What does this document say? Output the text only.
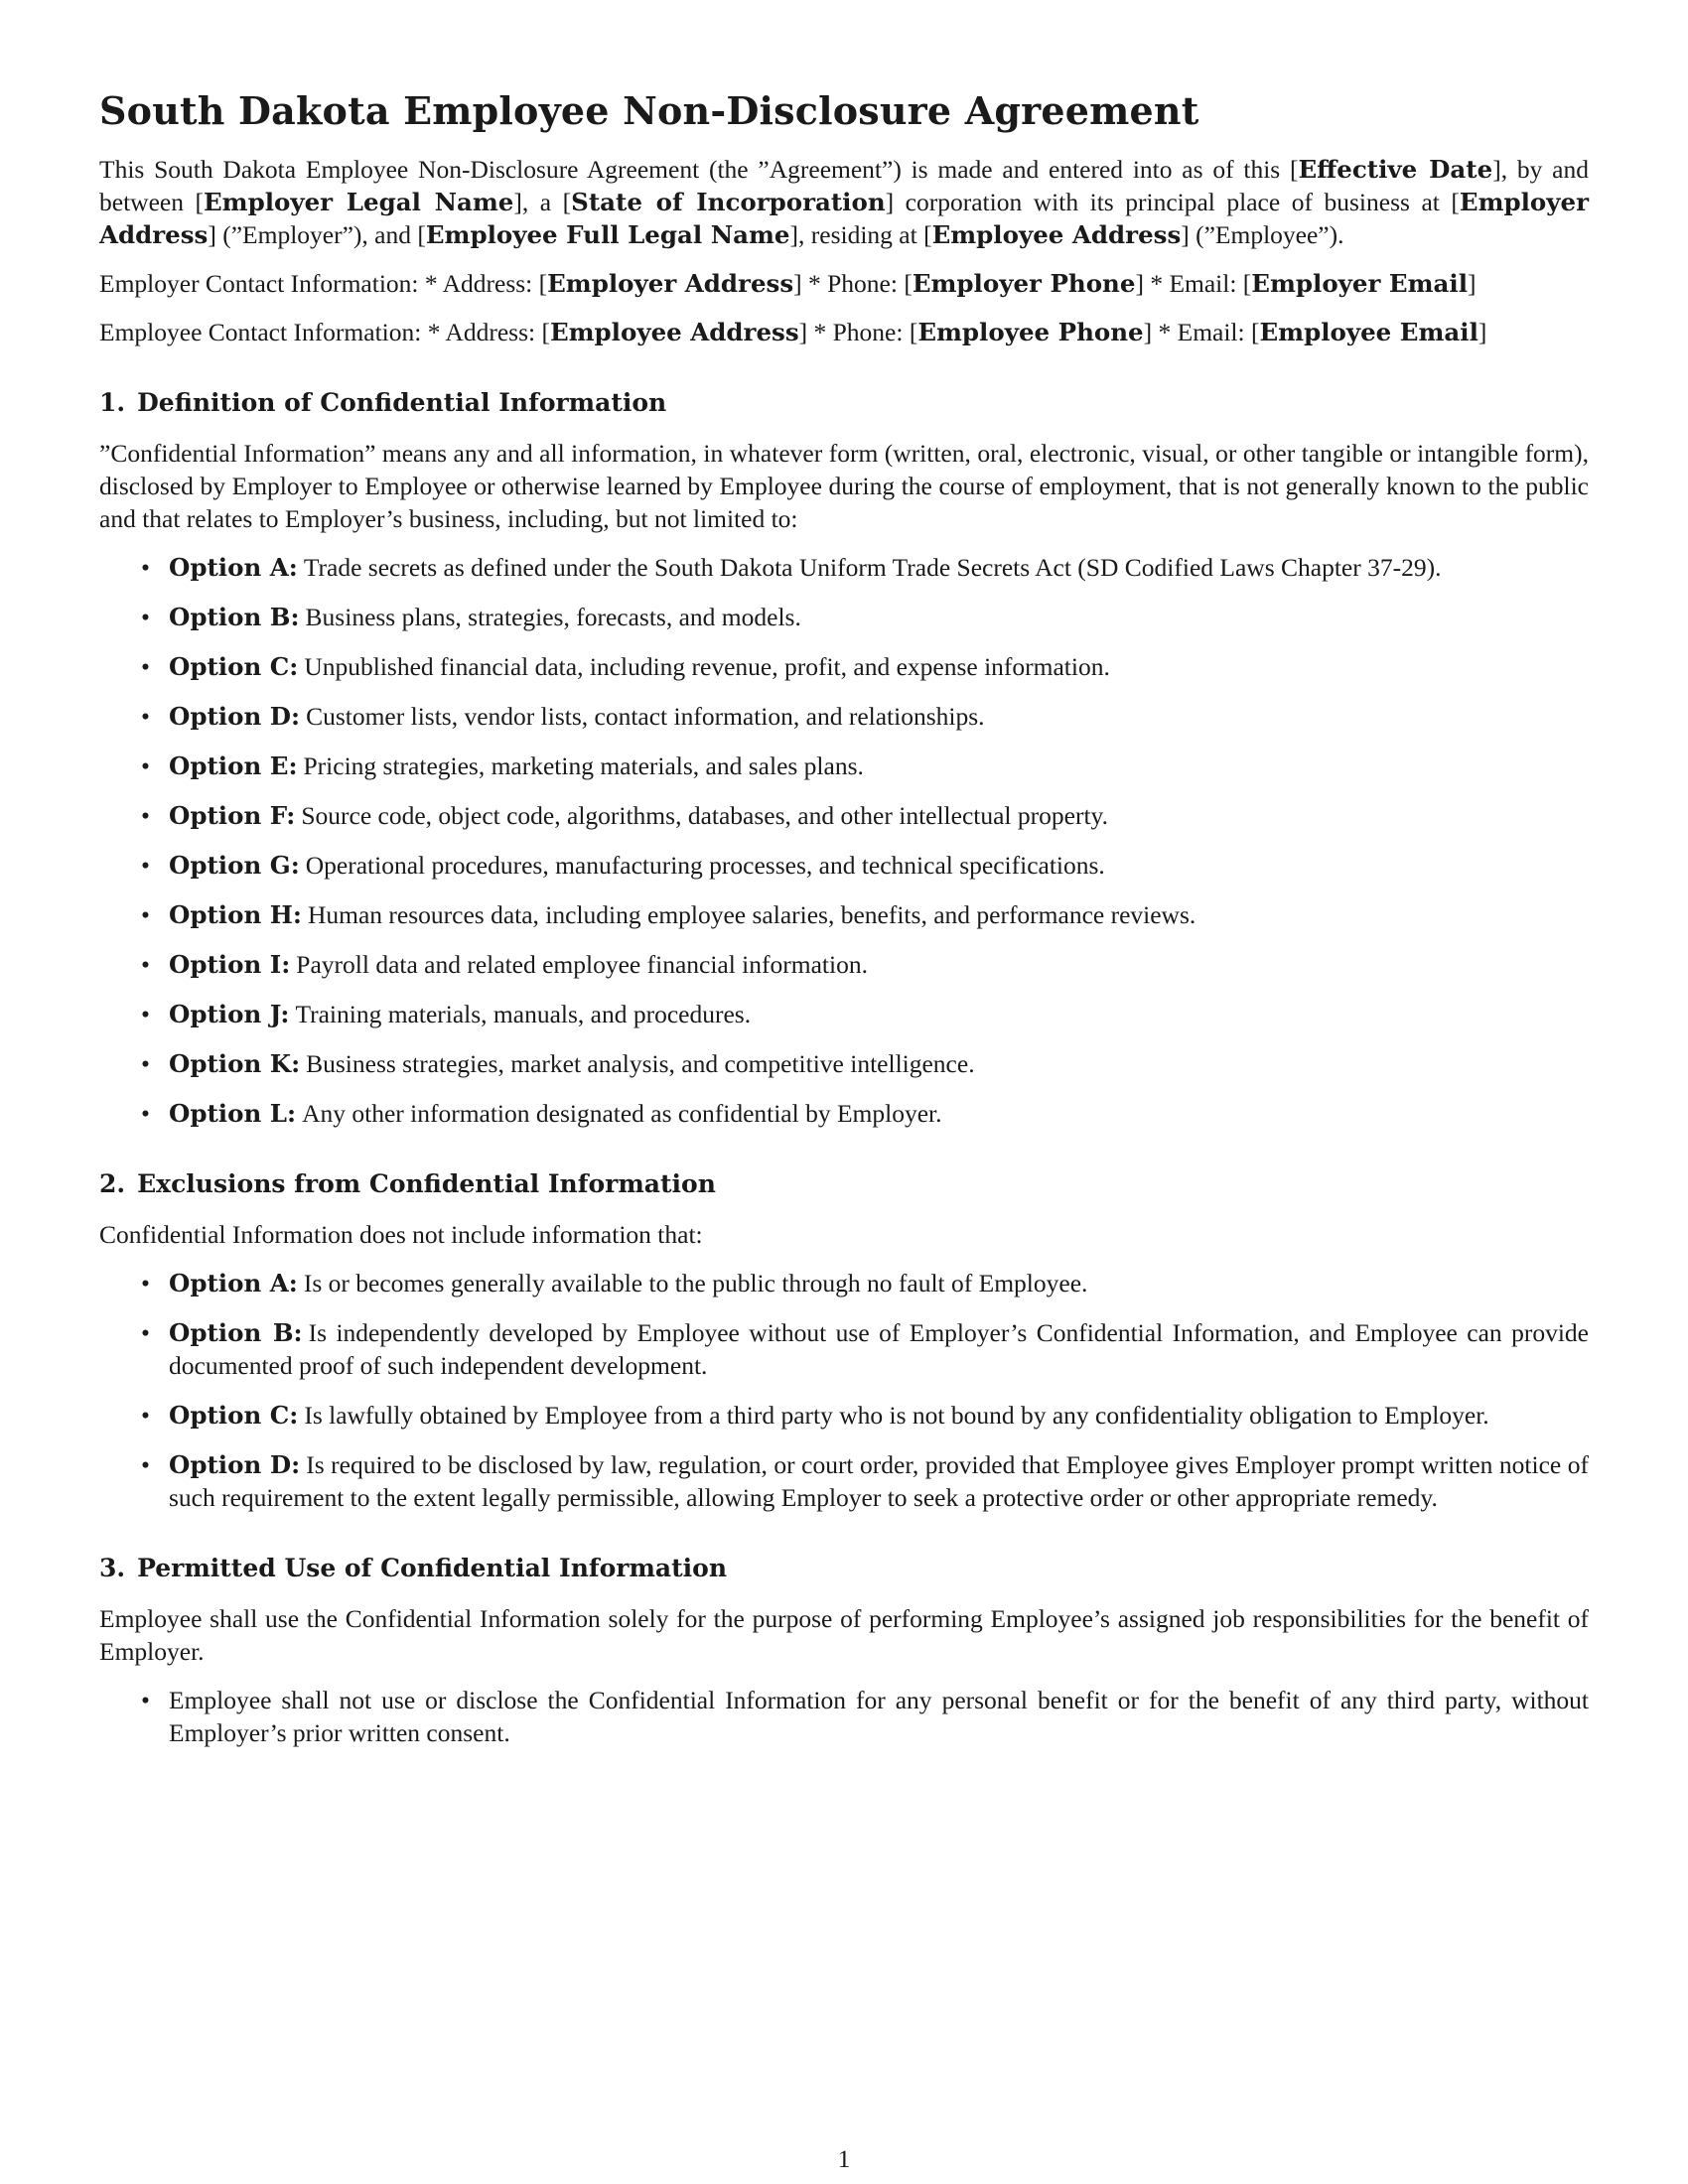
South Dakota Employee Non-Disclosure Agreement

This South Dakota Employee Non-Disclosure Agreement (the ”Agreement”) is made and entered into as of this [Effective Date], by and between [Employer Legal Name], a [State of Incorporation] corporation with its principal place of business at [Employer Address] (”Employer”), and [Employee Full Legal Name], residing at [Employee Address] (”Employee”).

Employer Contact Information: * Address: [Employer Address] * Phone: [Employer Phone] * Email: [Employer Email]

Employee Contact Information: * Address: [Employee Address] * Phone: [Employee Phone] * Email: [Employee Email]

1. Definition of Confidential Information

”Confidential Information” means any and all information, in whatever form (written, oral, electronic, visual, or other tangible or intangible form), disclosed by Employer to Employee or otherwise learned by Employee during the course of employment, that is not generally known to the public and that relates to Employer’s business, including, but not limited to:

• Option A: Trade secrets as defined under the South Dakota Uniform Trade Secrets Act (SD Codified Laws Chapter 37-29).
• Option B: Business plans, strategies, forecasts, and models.
• Option C: Unpublished financial data, including revenue, profit, and expense information.
• Option D: Customer lists, vendor lists, contact information, and relationships.
• Option E: Pricing strategies, marketing materials, and sales plans.
• Option F: Source code, object code, algorithms, databases, and other intellectual property.
• Option G: Operational procedures, manufacturing processes, and technical specifications.
• Option H: Human resources data, including employee salaries, benefits, and performance reviews.
• Option I: Payroll data and related employee financial information.
• Option J: Training materials, manuals, and procedures.
• Option K: Business strategies, market analysis, and competitive intelligence.
• Option L: Any other information designated as confidential by Employer.
2. Exclusions from Confidential Information

Confidential Information does not include information that:

• Option A: Is or becomes generally available to the public through no fault of Employee.
• Option B: Is independently developed by Employee without use of Employer’s Confidential Information, and Employee can provide documented proof of such independent development.
• Option C: Is lawfully obtained by Employee from a third party who is not bound by any confidentiality obligation to Employer.
• Option D: Is required to be disclosed by law, regulation, or court order, provided that Employee gives Employer prompt written notice of such requirement to the extent legally permissible, allowing Employer to seek a protective order or other appropriate remedy.
3. Permitted Use of Confidential Information

Employee shall use the Confidential Information solely for the purpose of performing Employee’s assigned job responsibilities for the benefit of Employer.

• Employee shall not use or disclose the Confidential Information for any personal benefit or for the benefit of any third party, without Employer’s prior written consent.
1
